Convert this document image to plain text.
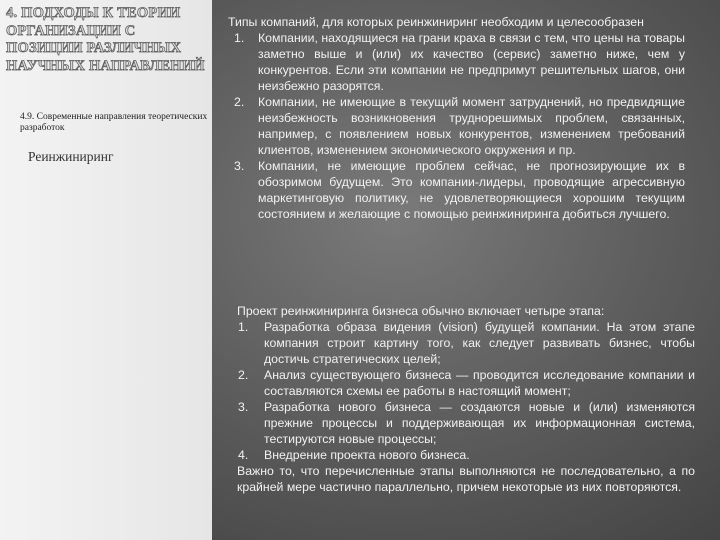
4. ПОДХОДЫ К ТЕОРИИ ОРГАНИЗАЦИИ С ПОЗИЦИИ РАЗЛИЧНЫХ НАУЧНЫХ НАПРАВЛЕНИЙ
4.9. Современные направления теоретических разработок
Реинжиниринг

Типы компаний, для которых реинжиниринг необходим и целесообразен

1. Компании, находящиеся на грани краха в связи с тем, что цены на товары заметно выше и (или) их качество (сервис) заметно ниже, чем у конкурентов. Если эти компании не предпримут решительных шагов, они неизбежно разорятся.
2. Компании, не имеющие в текущий момент затруднений, но предвидящие неизбежность возникновения труднорешимых проблем, связанных, например, с появлением новых конкурентов, изменением требований клиентов, изменением экономического окружения и пр.
3. Компании, не имеющие проблем сейчас, не прогнозирующие их в обозримом будущем. Это компании-лидеры, проводящие агрессивную маркетинговую политику, не удовлетворяющиеся хорошим текущим состоянием и желающие с помощью реинжиниринга добиться лучшего.

Проект реинжиниринга бизнеса обычно включает четыре этапа:

1. Разработка образа видения (vision) будущей компании. На этом этапе компания строит картину того, как следует развивать бизнес, чтобы достичь стратегических целей;
2. Анализ существующего бизнеса — проводится исследование компании и составляются схемы ее работы в настоящий момент;
3. Разработка нового бизнеса — создаются новые и (или) изменяются прежние процессы и поддерживающая их информационная система, тестируются новые процессы;
4. Внедрение проекта нового бизнеса.

Важно то, что перечисленные этапы выполняются не последовательно, а по крайней мере частично параллельно, причем некоторые из них повторяются.
